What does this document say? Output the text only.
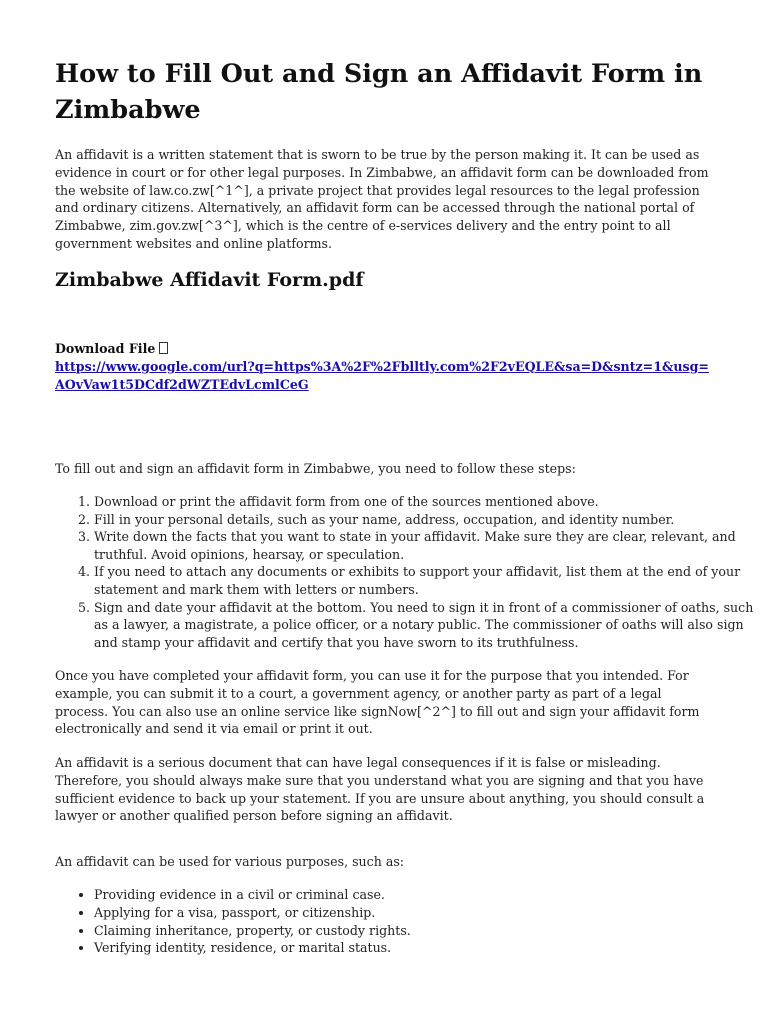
How to Fill Out and Sign an Affidavit Form in Zimbabwe

An affidavit is a written statement that is sworn to be true by the person making it. It can be used as evidence in court or for other legal purposes. In Zimbabwe, an affidavit form can be downloaded from the website of law.co.zw[^1^], a private project that provides legal resources to the legal profession and ordinary citizens. Alternatively, an affidavit form can be accessed through the national portal of Zimbabwe, zim.gov.zw[^3^], which is the centre of e-services delivery and the entry point to all government websites and online platforms.

Zimbabwe Affidavit Form.pdf
Download File
https://www.google.com/url?q=https%3A%2F%2Fblltly.com%2F2vEQLE&sa=D&sntz=1&usg=AOvVaw1t5DCdf2dWZTEdvLcmlCeG

To fill out and sign an affidavit form in Zimbabwe, you need to follow these steps:

1. Download or print the affidavit form from one of the sources mentioned above.
2. Fill in your personal details, such as your name, address, occupation, and identity number.
3. Write down the facts that you want to state in your affidavit. Make sure they are clear, relevant, and truthful. Avoid opinions, hearsay, or speculation.
4. If you need to attach any documents or exhibits to support your affidavit, list them at the end of your statement and mark them with letters or numbers.
5. Sign and date your affidavit at the bottom. You need to sign it in front of a commissioner of oaths, such as a lawyer, a magistrate, a police officer, or a notary public. The commissioner of oaths will also sign and stamp your affidavit and certify that you have sworn to its truthfulness.

Once you have completed your affidavit form, you can use it for the purpose that you intended. For example, you can submit it to a court, a government agency, or another party as part of a legal process. You can also use an online service like signNow[^2^] to fill out and sign your affidavit form electronically and send it via email or print it out.

An affidavit is a serious document that can have legal consequences if it is false or misleading. Therefore, you should always make sure that you understand what you are signing and that you have sufficient evidence to back up your statement. If you are unsure about anything, you should consult a lawyer or another qualified person before signing an affidavit.

An affidavit can be used for various purposes, such as:

• Providing evidence in a civil or criminal case.
• Applying for a visa, passport, or citizenship.
• Claiming inheritance, property, or custody rights.
• Verifying identity, residence, or marital status.
